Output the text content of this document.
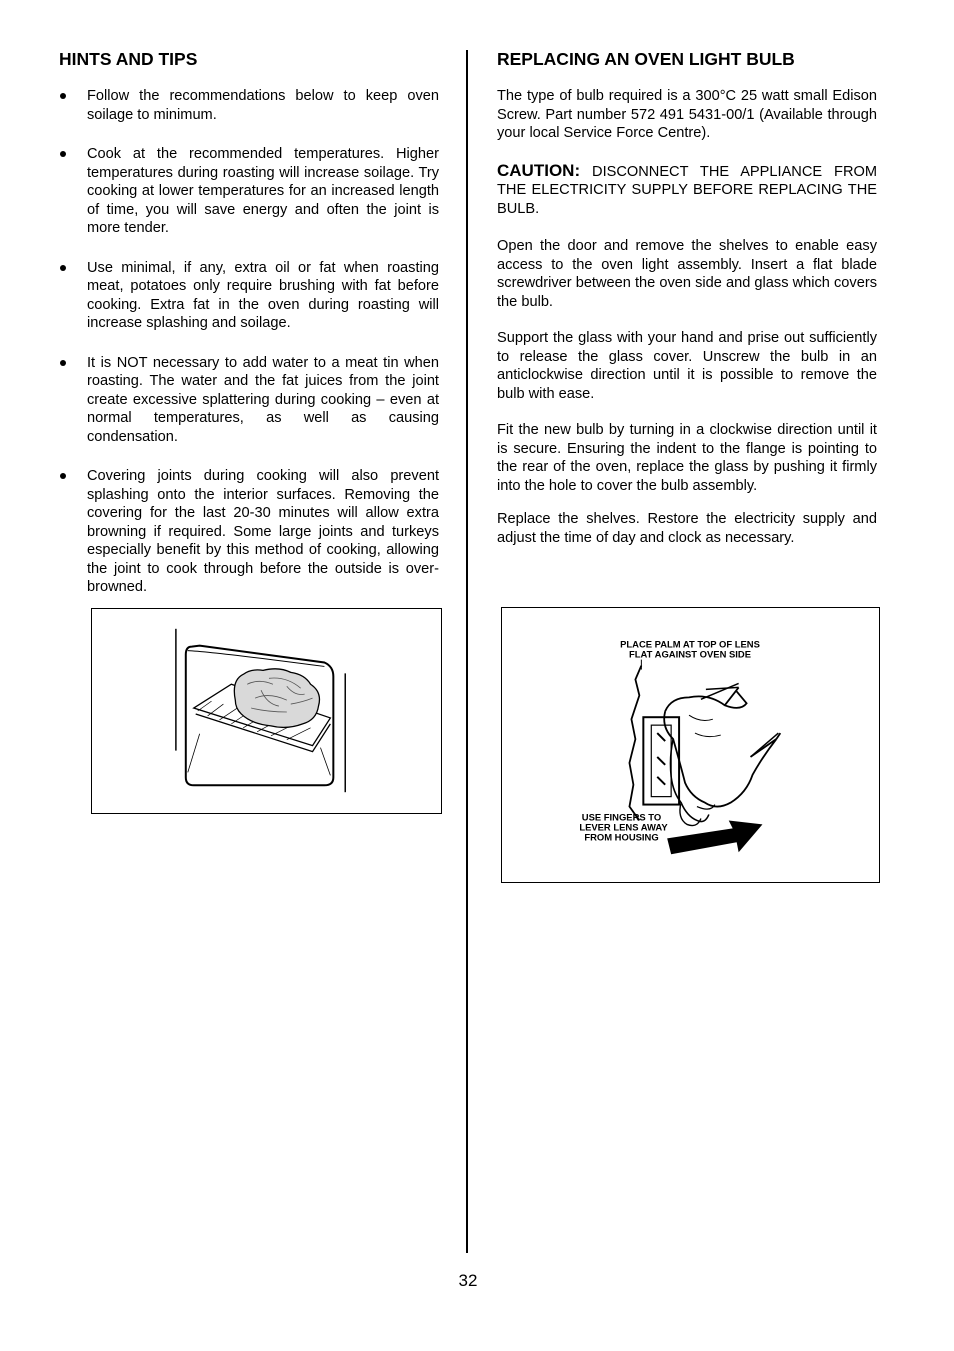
HINTS AND TIPS
Follow the recommendations below to keep oven soilage to minimum.
Cook at the recommended temperatures. Higher temperatures during roasting will increase soilage. Try cooking at lower temperatures for an increased length of time, you will save energy and often the joint is more tender.
Use minimal, if any, extra oil or fat when roasting meat, potatoes only require brushing with fat before cooking. Extra fat in the oven during roasting will increase splashing and soilage.
It is NOT necessary to add water to a meat tin when roasting. The water and the fat juices from the joint create excessive splattering during cooking – even at normal temperatures, as well as causing condensation.
Covering joints during cooking will also prevent splashing onto the interior surfaces. Removing the covering for the last 20-30 minutes will allow extra browning if required. Some large joints and turkeys especially benefit by this method of cooking, allowing the joint to cook through before the outside is over-browned.
REPLACING AN OVEN LIGHT BULB

The type of bulb required is a 300°C 25 watt small Edison Screw. Part number 572 491 5431-00/1 (Available through your local Service Force Centre).

CAUTION: DISCONNECT THE APPLIANCE FROM THE ELECTRICITY SUPPLY BEFORE REPLACING THE BULB.

Open the door and remove the shelves to enable easy access to the oven light assembly. Insert a flat blade screwdriver between the oven side and glass which covers the bulb.

Support the glass with your hand and prise out sufficiently to release the glass cover. Unscrew the bulb in an anticlockwise direction until it is possible to remove the bulb with ease.

Fit the new bulb by turning in a clockwise direction until it is secure. Ensuring the indent to the flange is pointing to the rear of the oven, replace the glass by pushing it firmly into the hole to cover the bulb assembly.

Replace the shelves. Restore the electricity supply and adjust the time of day and clock as necessary.

PLACE PALM AT TOP OF LENS
FLAT AGAINST OVEN SIDE
USE FINGERS TO
LEVER LENS AWAY
FROM HOUSING
32
